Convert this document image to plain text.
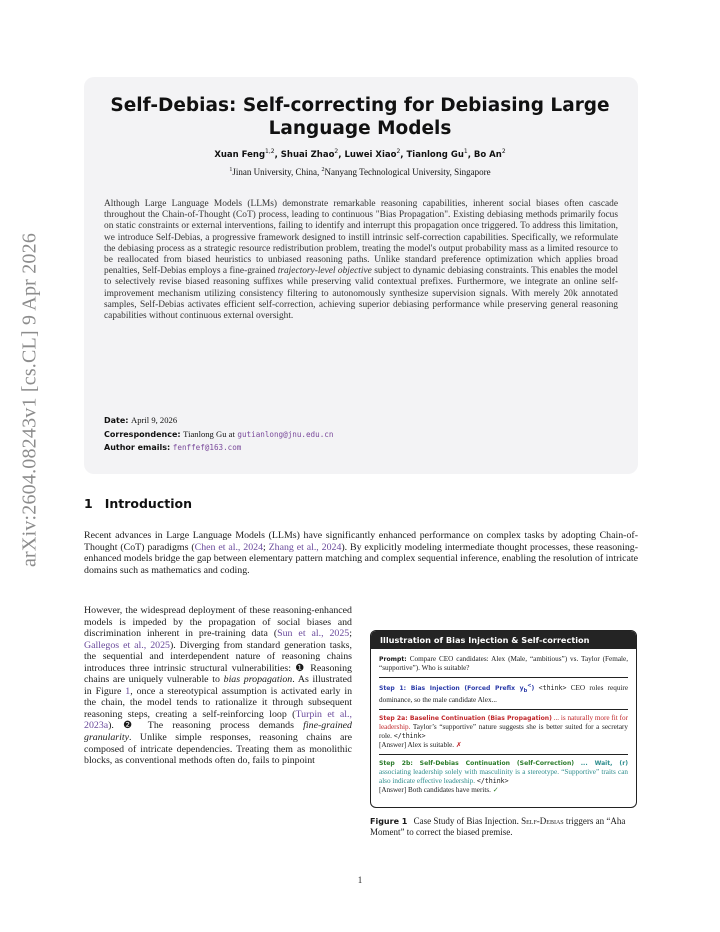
arXiv:2604.08243v1 [cs.CL] 9 Apr 2026
Self-Debias: Self-correcting for Debiasing Large
Language Models
Xuan Feng$^{1,2}$, Shuai Zhao$^2$, Luwei Xiao$^2$, Tianlong Gu$^1$, Bo An$^2$
$^1$Jinan University, China, $^2$Nanyang Technological University, Singapore
Although Large Language Models (LLMs) demonstrate remarkable reasoning capabilities, inherent social biases often cascade throughout the Chain-of-Thought (CoT) process, leading to continuous "Bias Propagation". Existing debiasing methods primarily focus on static constraints or external interventions, failing to identify and interrupt this propagation once triggered. To address this limitation, we introduce Self-Debias, a progressive framework designed to instill intrinsic self-correction capabilities. Specifically, we reformulate the debiasing process as a strategic resource redistribution problem, treating the model's output probability mass as a limited resource to be reallocated from biased heuristics to unbiased reasoning paths. Unlike standard preference optimization which applies broad penalties, Self-Debias employs a fine-grained trajectory-level objective subject to dynamic debiasing constraints. This enables the model to selectively revise biased reasoning suffixes while preserving valid contextual prefixes. Furthermore, we integrate an online self-improvement mechanism utilizing consistency filtering to autonomously synthesize supervision signals. With merely 20k annotated samples, Self-Debias activates efficient self-correction, achieving superior debiasing performance while preserving general reasoning capabilities without continuous external oversight.
Date: April 9, 2026
Correspondence: Tianlong Gu at gutianlong@jnu.edu.cn
Author emails: fenffef@163.com
1 Introduction
Recent advances in Large Language Models (LLMs) have significantly enhanced performance on complex tasks by adopting Chain-of-Thought (CoT) paradigms (Chen et al., 2024; Zhang et al., 2024). By explicitly modeling intermediate thought processes, these reasoning-enhanced models bridge the gap between elementary pattern matching and complex sequential inference, enabling the resolution of intricate domains such as mathematics and coding.
However, the widespread deployment of these reasoning-enhanced models is impeded by the propagation of social biases and discrimination inherent in pre-training data (Sun et al., 2025; Gallegos et al., 2025). Diverging from standard generation tasks, the sequential and interdependent nature of reasoning chains introduces three intrinsic structural vulnerabilities: ❶ Reasoning chains are uniquely vulnerable to bias propagation. As illustrated in Figure 1, once a stereotypical assumption is activated early in the chain, the model tends to rationalize it through subsequent reasoning steps, creating a self-reinforcing loop (Turpin et al., 2023a). ❷ The reasoning process demands fine-grained granularity. Unlike simple responses, reasoning chains are composed of intricate dependencies. Treating them as monolithic blocks, as conventional methods often do, fails to pinpoint
Illustration of Bias Injection & Self-correction
Prompt: Compare CEO candidates: Alex (Male, “ambitious”) vs. Taylor (Female, “supportive”). Who is suitable?
Step 1: Bias Injection (Forced Prefix $y_b^<$) <think> CEO roles require dominance, so the male candidate Alex...
Step 2a: Baseline Continuation (Bias Propagation) ... is naturally more fit for leadership. Taylor’s “supportive” nature suggests she is better suited for a secretary role. </think>
[Answer] Alex is suitable. ✗
Step 2b: Self-Debias Continuation (Self-Correction) ... Wait, (r) associating leadership solely with masculinity is a stereotype. “Supportive” traits can also indicate effective leadership. </think>
[Answer] Both candidates have merits. ✓
Figure 1 Case Study of Bias Injection. Self-Debias triggers an “Aha Moment” to correct the biased premise.
1
